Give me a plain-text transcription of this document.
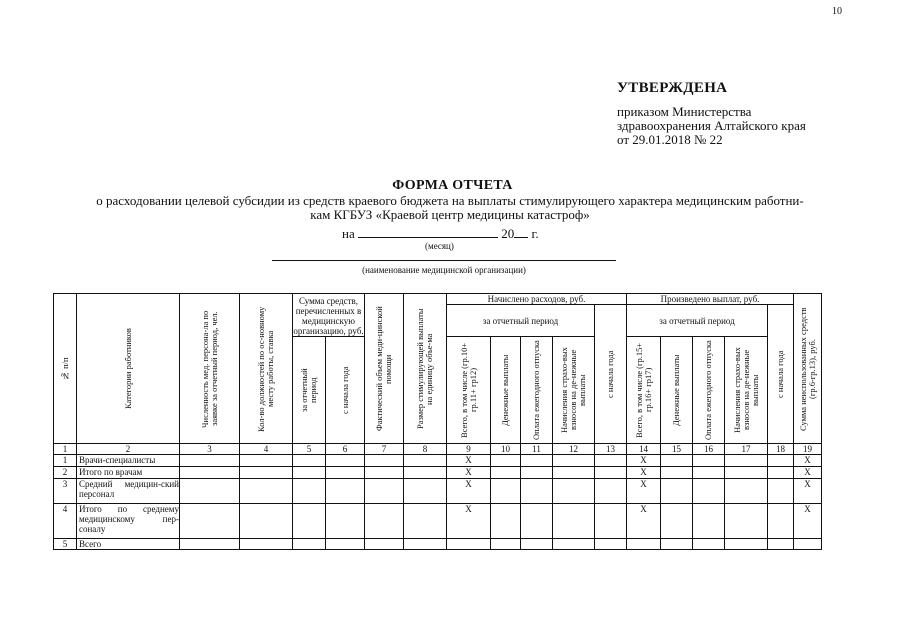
10
УТВЕРЖДЕНА
приказом Министерства
здравоохранения Алтайского края
от 29.01.2018 № 22
ФОРМА ОТЧЕТА
о расходовании целевой субсидии из средств краевого бюджета на выплаты стимулирующего характера медицинским работни-
кам КГБУЗ «Краевой центр медицины катастроф»
на	20 г.
(месяц)
(наименование медицинской организации)
№ п/п	Категории работников	Численность мед. персона-ла по заявке за отчетный период, чел.	Кол-во должностей по ос-новному месту работы, ставка	Сумма средств, перечисленных в медицинскую организацию, руб.		Фактический объем меди-цинской помощи	Размер стимулирующей выплаты на единицу объе-ма	Начислено расходов, руб.					Произведено выплат, руб.					Сумма неиспользованных средств (гр.6-гр.13), руб.

								за отчетный период				с начала года	за отчетный период				с начала года	

				за отчетный период	с начала года			Всего, в том числе (гр.10+ гр.11+ гр12)	Денежные выплаты	Оплата ежегодного отпуска	Начисления страхо-вых взносов на де-нежные выплаты		Всего, в том числе (гр.15+ гр.16+ гр17)	Денежные выплаты	Оплата ежегодного отпуска	Начисления страхо-вых взносов на де-нежные выплаты		

1	2	3	4	5	6	7	8	9	10	11	12	13	14	15	16	17	18	19
1	Врачи-специалисты							X					X					X
2	Итого по врачам							X					X					X
3	Средний медицин-ский персонал							X					X					X
4	Итого по среднему медицинскому пер-соналу							X					X					X
5	Всего																	
